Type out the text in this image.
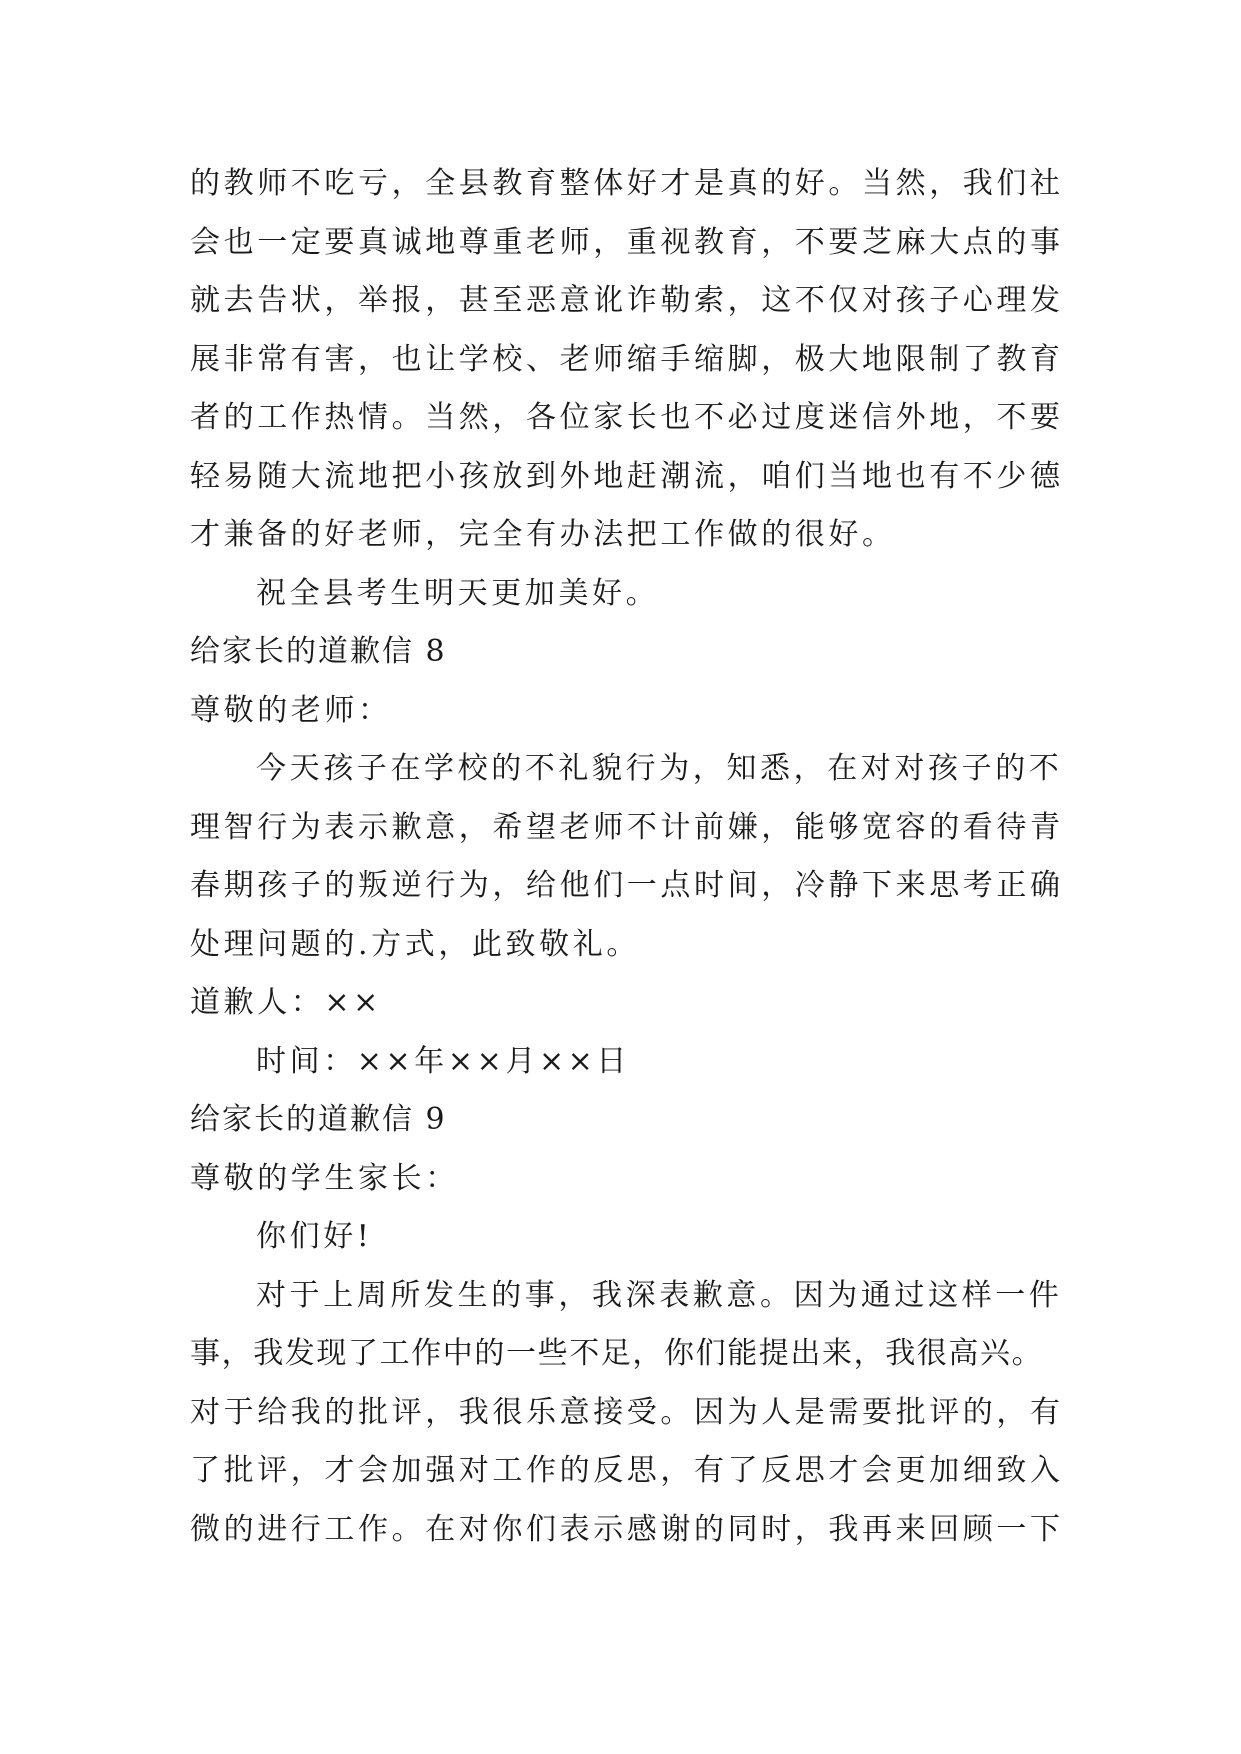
的教师不吃亏，全县教育整体好才是真的好。当然，我们社
会也一定要真诚地尊重老师，重视教育，不要芝麻大点的事
就去告状，举报，甚至恶意讹诈勒索，这不仅对孩子心理发
展非常有害，也让学校、老师缩手缩脚，极大地限制了教育
者的工作热情。当然，各位家长也不必过度迷信外地，不要
轻易随大流地把小孩放到外地赶潮流，咱们当地也有不少德
才兼备的好老师，完全有办法把工作做的很好。
祝全县考生明天更加美好。
给家长的道歉信 8
尊敬的老师：
今天孩子在学校的不礼貌行为，知悉，在对对孩子的不
理智行为表示歉意，希望老师不计前嫌，能够宽容的看待青
春期孩子的叛逆行为，给他们一点时间，冷静下来思考正确
处理问题的.方式，此致敬礼。
道歉人：××
时间：××年××月××日
给家长的道歉信 9
尊敬的学生家长：
你们好!
对于上周所发生的事，我深表歉意。因为通过这样一件
事，我发现了工作中的一些不足，你们能提出来，我很高兴。
对于给我的批评，我很乐意接受。因为人是需要批评的，有
了批评，才会加强对工作的反思，有了反思才会更加细致入
微的进行工作。在对你们表示感谢的同时，我再来回顾一下
